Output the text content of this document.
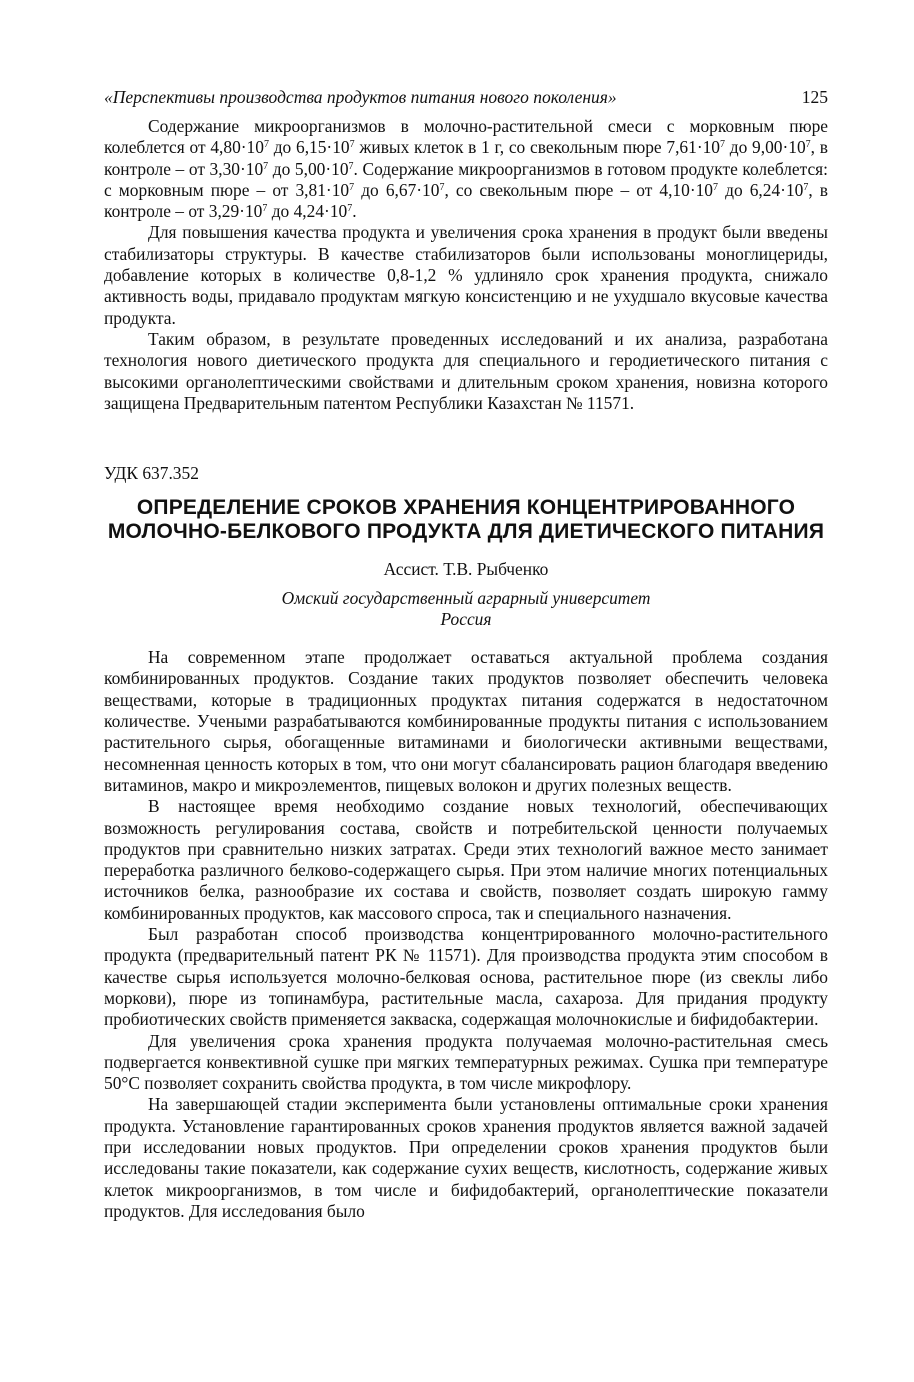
«Перспективы производства продуктов питания нового поколения»	125

Содержание микроорганизмов в молочно-растительной смеси с морковным пюре колеблется от $4,80\cdot 10^7$ до $6,15\cdot 10^7$ живых клеток в 1 г, со свекольным пюре $7,61\cdot 10^7$ до $9,00\cdot 10^7$, в контроле – от $3,30\cdot 10^7$ до $5,00\cdot 10^7$. Содержание микроорганизмов в готовом продукте колеблется: с морковным пюре – от $3,81\cdot 10^7$ до $6,67\cdot 10^7$, со свекольным пюре – от $4,10\cdot 10^7$ до $6,24\cdot 10^7$, в контроле – от $3,29\cdot 10^7$ до $4,24\cdot 10^7$.

Для повышения качества продукта и увеличения срока хранения в продукт были введены стабилизаторы структуры. В качестве стабилизаторов были использованы моноглицериды, добавление которых в количестве 0,8-1,2 % удлиняло срок хранения продукта, снижало активность воды, придавало продуктам мягкую консистенцию и не ухудшало вкусовые качества продукта.

Таким образом, в результате проведенных исследований и их анализа, разработана технология нового диетического продукта для специального и геродиетического питания с высокими органолептическими свойствами и длительным сроком хранения, новизна которого защищена Предварительным патентом Республики Казахстан № 11571.

УДК 637.352
ОПРЕДЕЛЕНИЕ СРОКОВ ХРАНЕНИЯ КОНЦЕНТРИРОВАННОГО МОЛОЧНО-БЕЛКОВОГО ПРОДУКТА ДЛЯ ДИЕТИЧЕСКОГО ПИТАНИЯ
Ассист. Т.В. Рыбченко
Омский государственный аграрный университет
Россия

На современном этапе продолжает оставаться актуальной проблема создания комбинированных продуктов. Создание таких продуктов позволяет обеспечить человека веществами, которые в традиционных продуктах питания содержатся в недостаточном количестве. Учеными разрабатываются комбинированные продукты питания с использованием растительного сырья, обогащенные витаминами и биологически активными веществами, несомненная ценность которых в том, что они могут сбалансировать рацион благодаря введению витаминов, макро и микроэлементов, пищевых волокон и других полезных веществ.

В настоящее время необходимо создание новых технологий, обеспечивающих возможность регулирования состава, свойств и потребительской ценности получаемых продуктов при сравнительно низких затратах. Среди этих технологий важное место занимает переработка различного белково-содержащего сырья. При этом наличие многих потенциальных источников белка, разнообразие их состава и свойств, позволяет создать широкую гамму комбинированных продуктов, как массового спроса, так и специального назначения.

Был разработан способ производства концентрированного молочно-растительного продукта (предварительный патент РК № 11571). Для производства продукта этим способом в качестве сырья используется молочно-белковая основа, растительное пюре (из свеклы либо моркови), пюре из топинамбура, растительные масла, сахароза. Для придания продукту пробиотических свойств применяется закваска, содержащая молочнокислые и бифидобактерии.

Для увеличения срока хранения продукта получаемая молочно-растительная смесь подвергается конвективной сушке при мягких температурных режимах. Сушка при температуре 50°С позволяет сохранить свойства продукта, в том числе микрофлору.

На завершающей стадии эксперимента были установлены оптимальные сроки хранения продукта. Установление гарантированных сроков хранения продуктов является важной задачей при исследовании новых продуктов. При определении сроков хранения продуктов были исследованы такие показатели, как содержание сухих веществ, кислотность, содержание живых клеток микроорганизмов, в том числе и бифидобактерий, органолептические показатели продуктов. Для исследования было
